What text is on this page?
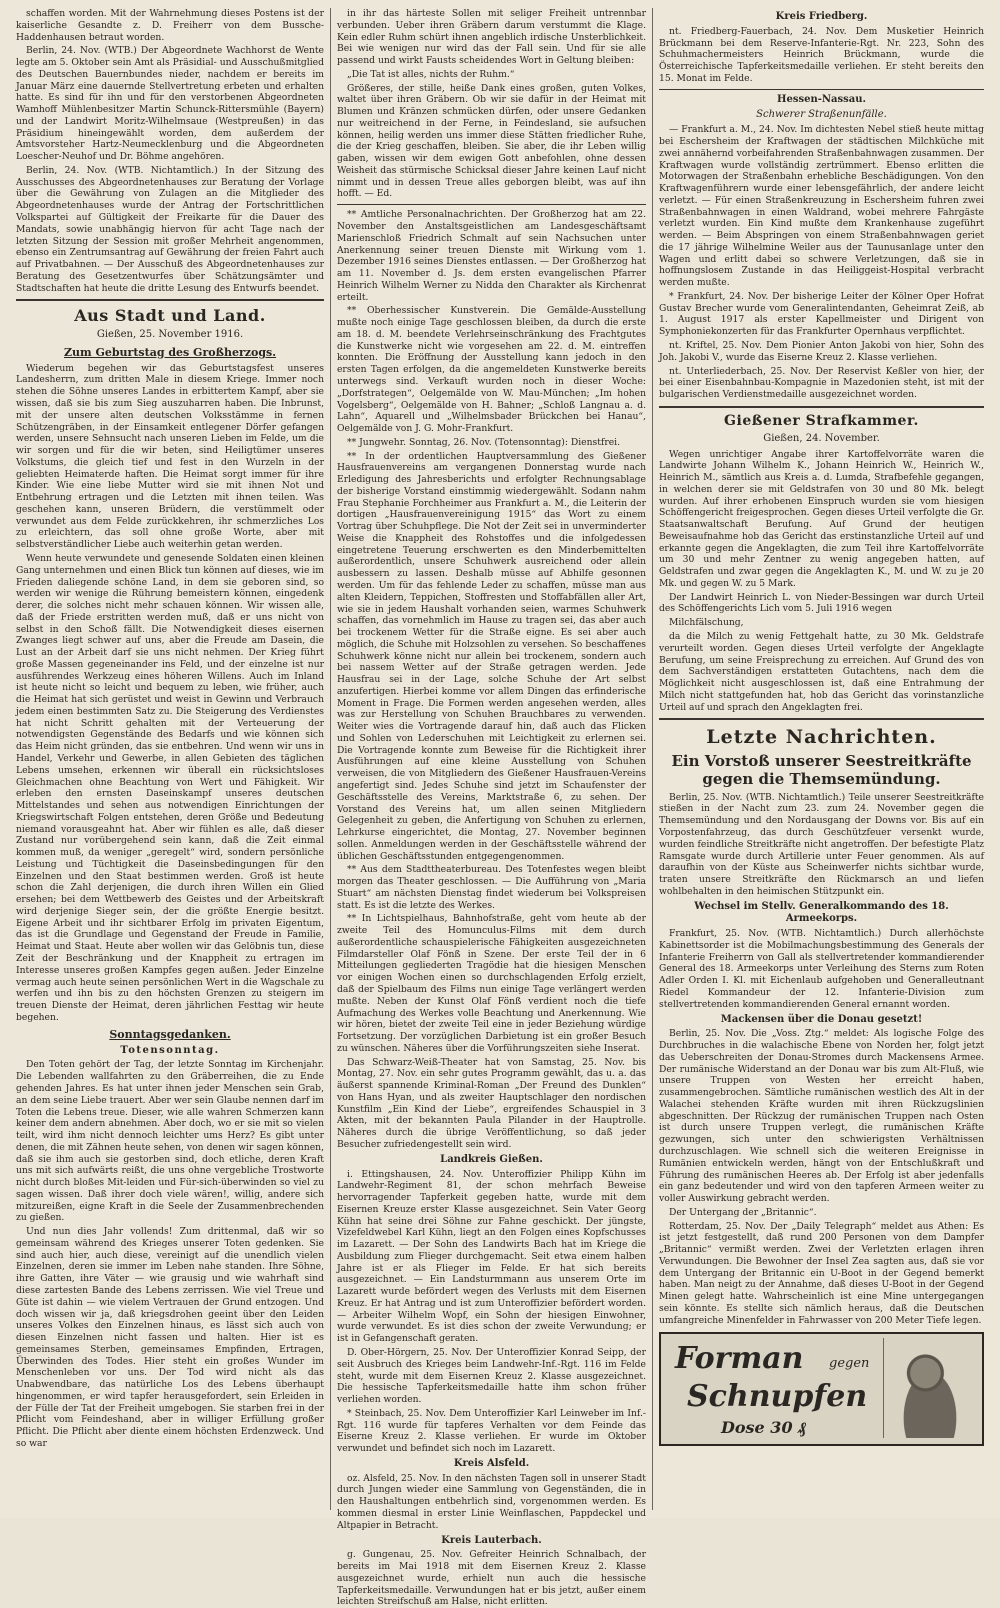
schaffen worden. Mit der Wahrnehmung dieses Postens ist der kaiserliche Gesandte z. D. Freiherr von dem Bussche-Haddenhausen betraut worden.

Berlin, 24. Nov. (WTB.) Der Abgeordnete Wachhorst de Wente legte am 5. Oktober sein Amt als Präsidial- und Ausschußmitglied des Deutschen Bauernbundes nieder, nachdem er bereits im Januar März eine dauernde Stellvertretung erbeten und erhalten hatte. Es sind für ihn und für den verstorbenen Abgeordneten Wamhoff Mühlenbesitzer Martin Schunck-Rittersmühle (Bayern) und der Landwirt Moritz-Wilhelmsaue (Westpreußen) in das Präsidium hineingewählt worden, dem außerdem der Amtsvorsteher Hartz-Neumecklenburg und die Abgeordneten Loescher-Neuhof und Dr. Böhme angehören.

Berlin, 24. Nov. (WTB. Nichtamtlich.) In der Sitzung des Ausschusses des Abgeordnetenhauses zur Beratung der Vorlage über die Gewährung von Zulagen an die Mitglieder des Abgeordnetenhauses wurde der Antrag der Fortschrittlichen Volkspartei auf Gültigkeit der Freikarte für die Dauer des Mandats, sowie unabhängig hiervon für acht Tage nach der letzten Sitzung der Session mit großer Mehrheit angenommen, ebenso ein Zentrumsantrag auf Gewährung der freien Fahrt auch auf Privatbahnen. — Der Ausschuß des Abgeordnetenhauses zur Beratung des Gesetzentwurfes über Schätzungsämter und Stadtschaften hat heute die dritte Lesung des Entwurfs beendet.

Aus Stadt und Land.
Gießen, 25. November 1916.
Zum Geburtstag des Großherzogs.

Wiederum begehen wir das Geburtstagsfest unseres Landesherrn, zum dritten Male in diesem Kriege. Immer noch stehen die Söhne unseres Landes in erbittertem Kampf, aber sie wissen, daß sie bis zum Sieg auszuharren haben. Die Inbrunst, mit der unsere alten deutschen Volksstämme in fernen Schützengräben, in der Einsamkeit entlegener Dörfer gefangen werden, unsere Sehnsucht nach unseren Lieben im Felde, um die wir sorgen und für die wir beten, sind Heiligtümer unseres Volkstums, die gleich tief und fest in den Wurzeln in der geliebten Heimaterde haften. Die Heimat sorgt immer für ihre Kinder. Wie eine liebe Mutter wird sie mit ihnen Not und Entbehrung ertragen und die Letzten mit ihnen teilen. Was geschehen kann, unseren Brüdern, die verstümmelt oder verwundet aus dem Felde zurückkehren, ihr schmerzliches Los zu erleichtern, das soll ohne große Worte, aber mit selbstverständlicher Liebe auch weiterhin getan werden.

Wenn heute verwundete und genesende Soldaten einen kleinen Gang unternehmen und einen Blick tun können auf dieses, wie im Frieden daliegende schöne Land, in dem sie geboren sind, so werden wir wenige die Rührung bemeistern können, eingedenk derer, die solches nicht mehr schauen können. Wir wissen alle, daß der Friede erstritten werden muß, daß er uns nicht von selbst in den Schoß fällt. Die Notwendigkeit dieses eisernen Zwanges liegt schwer auf uns, aber die Freude am Dasein, die Lust an der Arbeit darf sie uns nicht nehmen. Der Krieg führt große Massen gegeneinander ins Feld, und der einzelne ist nur ausführendes Werkzeug eines höheren Willens. Auch im Inland ist heute nicht so leicht und bequem zu leben, wie früher, auch die Heimat hat sich gerüstet und weist in Gewinn und Verbrauch jedem einen bestimmten Satz zu. Die Steigerung des Verdienstes hat nicht Schritt gehalten mit der Verteuerung der notwendigsten Gegenstände des Bedarfs und wie können sich das Heim nicht gründen, das sie entbehren. Und wenn wir uns in Handel, Verkehr und Gewerbe, in allen Gebieten des täglichen Lebens umsehen, erkennen wir überall ein rücksichtsloses Gleichmachen ohne Beachtung von Wert und Fähigkeit. Wir erleben den ernsten Daseinskampf unseres deutschen Mittelstandes und sehen aus notwendigen Einrichtungen der Kriegswirtschaft Folgen entstehen, deren Größe und Bedeutung niemand vorausgeahnt hat. Aber wir fühlen es alle, daß dieser Zustand nur vorübergehend sein kann, daß die Zeit einmal kommen muß, da weniger „geregelt“ wird, sondern persönliche Leistung und Tüchtigkeit die Daseinsbedingungen für den Einzelnen und den Staat bestimmen werden. Groß ist heute schon die Zahl derjenigen, die durch ihren Willen ein Glied ersehen; bei dem Wettbewerb des Geistes und der Arbeitskraft wird derjenige Sieger sein, der die größte Energie besitzt. Eigene Arbeit und ihr sichtbarer Erfolg im privaten Eigentum, das ist die Grundlage und Gegenstand der Freude in Familie, Heimat und Staat. Heute aber wollen wir das Gelöbnis tun, diese Zeit der Beschränkung und der Knappheit zu ertragen im Interesse unseres großen Kampfes gegen außen. Jeder Einzelne vermag auch heute seinen persönlichen Wert in die Wagschale zu werfen und ihn bis zu den höchsten Grenzen zu steigern im treuen Dienste der Heimat, deren jährlichen Festtag wir heute begehen.

Sonntagsgedanken.
Totensonntag.

Den Toten gehört der Tag, der letzte Sonntag im Kirchenjahr. Die Lebenden wallfahrten zu den Gräberreihen, die zu Ende gehenden Jahres. Es hat unter ihnen jeder Menschen sein Grab, an dem seine Liebe trauert. Aber wer sein Glaube nennen darf im Toten die Lebens treue. Dieser, wie alle wahren Schmerzen kann keiner dem andern abnehmen. Aber doch, wo er sie mit so vielen teilt, wird ihm nicht dennoch leichter ums Herz? Es gibt unter denen, die mit Zähnen heute sehen, von denen wir sagen können, daß sie ihm auch sie gestorben sind, doch etliche, deren Kraft uns mit sich aufwärts reißt, die uns ohne vergebliche Trostworte nicht durch bloßes Mit-leiden und Für-sich-überwinden so viel zu sagen wissen. Daß ihrer doch viele wären!, willig, andere sich mitzureißen, eigne Kraft in die Seele der Zusammenbrechenden zu gießen.

Und nun dies Jahr vollends! Zum drittenmal, daß wir so gemeinsam während des Krieges unserer Toten gedenken. Sie sind auch hier, auch diese, vereinigt auf die unendlich vielen Einzelnen, deren sie immer im Leben nahe standen. Ihre Söhne, ihre Gatten, ihre Väter — wie grausig und wie wahrhaft sind diese zartesten Bande des Lebens zerrissen. Wie viel Treue und Güte ist dahin — wie vielem Vertrauen der Grund entzogen. Und doch wissen wir ja, daß kriegsdrohen geeint über den Leiden unseres Volkes den Einzelnen hinaus, es lässt sich auch von diesen Einzelnen nicht fassen und halten. Hier ist es gemeinsames Sterben, gemeinsames Empfinden, Ertragen, Überwinden des Todes. Hier steht ein großes Wunder im Menschenleben vor uns. Der Tod wird nicht als das Unabwendbare, das natürliche Los des Lebens überhaupt hingenommen, er wird tapfer herausgefordert, sein Erleiden in der Fülle der Tat der Freiheit umgebogen. Sie starben frei in der Pflicht vom Feindeshand, aber in williger Erfüllung großer Pflicht. Die Pflicht aber diente einem höchsten Erdenzweck. Und so war

in ihr das härteste Sollen mit seliger Freiheit untrennbar verbunden. Ueber ihren Gräbern darum verstummt die Klage. Kein edler Ruhm schürt ihnen angeblich irdische Unsterblichkeit. Bei wie wenigen nur wird das der Fall sein. Und für sie alle passend und wirkt Fausts scheidendes Wort in Geltung bleiben:

„Die Tat ist alles, nichts der Ruhm.“

Größeres, der stille, heiße Dank eines großen, guten Volkes, waltet über ihren Gräbern. Ob wir sie dafür in der Heimat mit Blumen und Kränzen schmücken dürfen, oder unsere Gedanken nur weitreichend in der Ferne, in Feindesland, sie aufsuchen können, heilig werden uns immer diese Stätten friedlicher Ruhe, die der Krieg geschaffen, bleiben. Sie aber, die ihr Leben willig gaben, wissen wir dem ewigen Gott anbefohlen, ohne dessen Weisheit das stürmische Schicksal dieser Jahre keinen Lauf nicht nimmt und in dessen Treue alles geborgen bleibt, was auf ihn hofft. — Ed.

** Amtliche Personalnachrichten. Der Großherzog hat am 22. November den Anstaltsgeistlichen am Landesgeschäftsamt Marienschloß Friedrich Schmalt auf sein Nachsuchen unter Anerkennung seiner treuen Dienste mit Wirkung vom 1. Dezember 1916 seines Dienstes entlassen. — Der Großherzog hat am 11. November d. Js. dem ersten evangelischen Pfarrer Heinrich Wilhelm Werner zu Nidda den Charakter als Kirchenrat erteilt.

** Oberhessischer Kunstverein. Die Gemälde-Ausstellung mußte noch einige Tage geschlossen bleiben, da durch die erste am 18. d. M. beendete Verlehrseinschränkung des Frachtgutes die Kunstwerke nicht wie vorgesehen am 22. d. M. eintreffen konnten. Die Eröffnung der Ausstellung kann jedoch in den ersten Tagen erfolgen, da die angemeldeten Kunstwerke bereits unterwegs sind. Verkauft wurden noch in dieser Woche: „Dorfstrategen“, Oelgemälde von W. Mau-München; „Im hohen Vogelsberg“, Oelgemälde von H. Bahner; „Schloß Langnau a. d. Lahn“, Aquarell und „Wilhelmsbader Brückchen bei Hanau“, Oelgemälde von J. G. Mohr-Frankfurt.

** Jungwehr. Sonntag, 26. Nov. (Totensonntag): Dienstfrei.

** In der ordentlichen Hauptversammlung des Gießener Hausfrauenvereins am vergangenen Donnerstag wurde nach Erledigung des Jahresberichts und erfolgter Rechnungsablage der bisherige Vorstand einstimmig wiedergewählt. Sodann nahm Frau Stephanie Forchheimer aus Frankfurt a. M., die Leiterin der dortigen „Hausfrauenvereinigung 1915“ das Wort zu einem Vortrag über Schuhpflege. Die Not der Zeit sei in unverminderter Weise die Knappheit des Rohstoffes und die infolgedessen eingetretene Teuerung erschwerten es den Minderbemittelten außerordentlich, unsere Schuhwerk ausreichend oder allein ausbessern zu lassen. Deshalb müsse auf Abhilfe gesonnen werden. Um für das fehlende Leder zu schaffen, müsse man aus alten Kleidern, Teppichen, Stoffresten und Stoffabfällen aller Art, wie sie in jedem Haushalt vorhanden seien, warmes Schuhwerk schaffen, das vornehmlich im Hause zu tragen sei, das aber auch bei trockenem Wetter für die Straße eigne. Es sei aber auch möglich, die Schuhe mit Holzsohlen zu versehen. So beschaffenes Schuhwerk könne nicht nur allein bei trockenem, sondern auch bei nassem Wetter auf der Straße getragen werden. Jede Hausfrau sei in der Lage, solche Schuhe der Art selbst anzufertigen. Hierbei komme vor allem Dingen das erfinderische Moment in Frage. Die Formen werden angesehen werden, alles was zur Herstellung von Schuhen Brauchbares zu verwenden. Weiter wies die Vortragende darauf hin, daß auch das Flicken und Sohlen von Lederschuhen mit Leichtigkeit zu erlernen sei. Die Vortragende konnte zum Beweise für die Richtigkeit ihrer Ausführungen auf eine kleine Ausstellung von Schuhen verweisen, die von Mitgliedern des Gießener Hausfrauen-Vereins angefertigt sind. Jedes Schuhe sind jetzt im Schaufenster der Geschäftsstelle des Vereins, Marktstraße 6, zu sehen. Der Vorstand des Vereins hat, um allen seinen Mitgliedern Gelegenheit zu geben, die Anfertigung von Schuhen zu erlernen, Lehrkurse eingerichtet, die Montag, 27. November beginnen sollen. Anmeldungen werden in der Geschäftsstelle während der üblichen Geschäftsstunden entgegengenommen.

** Aus dem Stadttheaterbureau. Des Totenfestes wegen bleibt morgen das Theater geschlossen. — Die Aufführung von „Maria Stuart“ am nächsten Dienstag findet wiederum bei Volkspreisen statt. Es ist die letzte des Werkes.

** In Lichtspielhaus, Bahnhofstraße, geht vom heute ab der zweite Teil des Homunculus-Films mit dem durch außerordentliche schauspielerische Fähigkeiten ausgezeichneten Filmdarsteller Olaf Fönß in Szene. Der erste Teil der in 6 Mitteilungen gegliederten Tragödie hat die hiesigen Menschen vor einigen Wochen einen so durchschlagenden Erfolg erzielt, daß der Spielbaum des Films nun einige Tage verlängert werden mußte. Neben der Kunst Olaf Fönß verdient noch die tiefe Aufmachung des Werkes volle Beachtung und Anerkennung. Wie wir hören, bietet der zweite Teil eine in jeder Beziehung würdige Fortsetzung. Der vorzüglichen Darbietung ist ein großer Besuch zu wünschen. Näheres über die Vorführungszeiten siehe Inserat.

Das Schwarz-Weiß-Theater hat von Samstag, 25. Nov. bis Montag, 27. Nov. ein sehr gutes Programm gewählt, das u. a. das äußerst spannende Kriminal-Roman „Der Freund des Dunklen“ von Hans Hyan, und als zweiter Hauptschlager den nordischen Kunstfilm „Ein Kind der Liebe“, ergreifendes Schauspiel in 3 Akten, mit der bekannten Paula Pilander in der Hauptrolle. Näheres durch die übrige Veröffentlichung, so daß jeder Besucher zufriedengestellt sein wird.

Landkreis Gießen.

i. Ettingshausen, 24. Nov. Unteroffizier Philipp Kühn im Landwehr-Regiment 81, der schon mehrfach Beweise hervorragender Tapferkeit gegeben hatte, wurde mit dem Eisernen Kreuze erster Klasse ausgezeichnet. Sein Vater Georg Kühn hat seine drei Söhne zur Fahne geschickt. Der jüngste, Vizefeldwebel Karl Kühn, liegt an den Folgen eines Kopfschusses im Lazarett. — Der Sohn des Landwirts Bach hat im Kriege die Ausbildung zum Flieger durchgemacht. Seit etwa einem halben Jahre ist er als Flieger im Felde. Er hat sich bereits ausgezeichnet. — Ein Landsturmmann aus unserem Orte im Lazarett wurde befördert wegen des Verlusts mit dem Eisernen Kreuz. Er hat Antrag und ist zum Unteroffizier befördert worden. — Arbeiter Wilhelm Wopf, ein Sohn der hiesigen Einwohner, wurde verwundet. Es ist dies schon der zweite Verwundung; er ist in Gefangenschaft geraten.

D. Ober-Hörgern, 25. Nov. Der Unteroffizier Konrad Seipp, der seit Ausbruch des Krieges beim Landwehr-Inf.-Rgt. 116 im Felde steht, wurde mit dem Eisernen Kreuz 2. Klasse ausgezeichnet. Die hessische Tapferkeitsmedaille hatte ihm schon früher verliehen worden.

* Steinbach, 25. Nov. Dem Unteroffizier Karl Leinweber im Inf.-Rgt. 116 wurde für tapferes Verhalten vor dem Feinde das Eiserne Kreuz 2. Klasse verliehen. Er wurde im Oktober verwundet und befindet sich noch im Lazarett.

Kreis Alsfeld.

oz. Alsfeld, 25. Nov. In den nächsten Tagen soll in unserer Stadt durch Jungen wieder eine Sammlung von Gegenständen, die in den Haushaltungen entbehrlich sind, vorgenommen werden. Es kommen diesmal in erster Linie Weinflaschen, Pappdeckel und Altpapier in Betracht.

Kreis Lauterbach.

g. Gungenau, 25. Nov. Gefreiter Heinrich Schnalbach, der bereits im Mai 1918 mit dem Eisernen Kreuz 2. Klasse ausgezeichnet wurde, erhielt nun auch die hessische Tapferkeitsmedaille. Verwundungen hat er bis jetzt, außer einem leichten Streifschuß am Halse, nicht erlitten.

Kreis Friedberg.

nt. Friedberg-Fauerbach, 24. Nov. Dem Musketier Heinrich Brückmann bei dem Reserve-Infanterie-Rgt. Nr. 223, Sohn des Schuhmachermeisters Heinrich Brückmann, wurde die Österreichische Tapferkeitsmedaille verliehen. Er steht bereits den 15. Monat im Felde.

Hessen-Nassau.
Schwerer Straßenunfälle.

— Frankfurt a. M., 24. Nov. Im dichtesten Nebel stieß heute mittag bei Eschersheim der Kraftwagen der städtischen Milchküche mit zwei annähernd vorbeifahrenden Straßenbahnwagen zusammen. Der Kraftwagen wurde vollständig zertrümmert. Ebenso erlitten die Motorwagen der Straßenbahn erhebliche Beschädigungen. Von den Kraftwagenführern wurde einer lebensgefährlich, der andere leicht verletzt. — Für einen Straßenkreuzung in Eschersheim fuhren zwei Straßenbahnwagen in einen Waldrand, wobei mehrere Fahrgäste verletzt wurden. Ein Kind mußte dem Krankenhause zugeführt werden. — Beim Abspringen von einem Straßenbahnwagen geriet die 17 jährige Wilhelmine Weiler aus der Taunusanlage unter den Wagen und erlitt dabei so schwere Verletzungen, daß sie in hoffnungslosem Zustande in das Heiliggeist-Hospital verbracht werden mußte.

* Frankfurt, 24. Nov. Der bisherige Leiter der Kölner Oper Hofrat Gustav Brecher wurde vom Generalintendanten, Geheimrat Zeiß, ab 1. August 1917 als erster Kapellmeister und Dirigent von Symphoniekonzerten für das Frankfurter Opernhaus verpflichtet.

nt. Kriftel, 25. Nov. Dem Pionier Anton Jakobi von hier, Sohn des Joh. Jakobi V., wurde das Eiserne Kreuz 2. Klasse verliehen.

nt. Unterliederbach, 25. Nov. Der Reservist Keßler von hier, der bei einer Eisenbahnbau-Kompagnie in Mazedonien steht, ist mit der bulgarischen Verdienstmedaille ausgezeichnet worden.

Gießener Strafkammer.
Gießen, 24. November.

Wegen unrichtiger Angabe ihrer Kartoffelvorräte waren die Landwirte Johann Wilhelm K., Johann Heinrich W., Heinrich W., Heinrich M., sämtlich aus Kreis a. d. Lumda, Strafbefehle gegangen, in welchen derer sie mit Geldstrafen von 30 und 80 Mk. belegt wurden. Auf ihrer erhobenen Einspruch wurden sie vom hiesigen Schöffengericht freigesprochen. Gegen dieses Urteil verfolgte die Gr. Staatsanwaltschaft Berufung. Auf Grund der heutigen Beweisaufnahme hob das Gericht das erstinstanzliche Urteil auf und erkannte gegen die Angeklagten, die zum Teil ihre Kartoffelvorräte um 30 und mehr Zentner zu wenig angegeben hatten, auf Geldstrafen und zwar gegen die Angeklagten K., M. und W. zu je 20 Mk. und gegen W. zu 5 Mark.

Der Landwirt Heinrich L. von Nieder-Bessingen war durch Urteil des Schöffengerichts Lich vom 5. Juli 1916 wegen

Milchfälschung,

da die Milch zu wenig Fettgehalt hatte, zu 30 Mk. Geldstrafe verurteilt worden. Gegen dieses Urteil verfolgte der Angeklagte Berufung, um seine Freisprechung zu erreichen. Auf Grund des von dem Sachverständigen erstatteten Gutachtens, nach dem die Möglichkeit nicht ausgeschlossen ist, daß eine Entrahmung der Milch nicht stattgefunden hat, hob das Gericht das vorinstanzliche Urteil auf und sprach den Angeklagten frei.

Letzte Nachrichten.
Ein Vorstoß unserer Seestreitkräfte gegen die Themsemündung.

Berlin, 25. Nov. (WTB. Nichtamtlich.) Teile unserer Seestreitkräfte stießen in der Nacht zum 23. zum 24. November gegen die Themsemündung und den Nordausgang der Downs vor. Bis auf ein Vorpostenfahrzeug, das durch Geschützfeuer versenkt wurde, wurden feindliche Streitkräfte nicht angetroffen. Der befestigte Platz Ramsgate wurde durch Artillerie unter Feuer genommen. Als auf daraufhin von der Küste aus Scheinwerfer nichts sichtbar wurde, traten unsere Streitkräfte den Rückmarsch an und liefen wohlbehalten in den heimischen Stützpunkt ein.

Wechsel im Stellv. Generalkommando des 18. Armeekorps.

Frankfurt, 25. Nov. (WTB. Nichtamtlich.) Durch allerhöchste Kabinettsorder ist die Mobilmachungsbestimmung des Generals der Infanterie Freiherrn von Gall als stellvertretender kommandierender General des 18. Armeekorps unter Verleihung des Sterns zum Roten Adler Orden I. Kl. mit Eichenlaub aufgehoben und Generalleutnant Riedel Kommandeur der 12. Infanterie-Division zum stellvertretenden kommandierenden General ernannt worden.

Mackensen über die Donau gesetzt!

Berlin, 25. Nov. Die „Voss. Ztg.“ meldet: Als logische Folge des Durchbruches in die walachische Ebene von Norden her, folgt jetzt das Ueberschreiten der Donau-Stromes durch Mackensens Armee. Der rumänische Widerstand an der Donau war bis zum Alt-Fluß, wie unsere Truppen von Westen her erreicht haben, zusammengebrochen. Sämtliche rumänischen westlich des Alt in der Walachei stehenden Kräfte wurden mit ihren Rückzugslinien abgeschnitten. Der Rückzug der rumänischen Truppen nach Osten ist durch unsere Truppen verlegt, die rumänischen Kräfte gezwungen, sich unter den schwierigsten Verhältnissen durchzuschlagen. Wie schnell sich die weiteren Ereignisse in Rumänien entwickeln werden, hängt von der Entschlußkraft und Führung des rumänischen Heeres ab. Der Erfolg ist aber jedenfalls ein ganz bedeutender und wird von den tapferen Armeen weiter zu voller Auswirkung gebracht werden.

Der Untergang der „Britannic“.

Rotterdam, 25. Nov. Der „Daily Telegraph“ meldet aus Athen: Es ist jetzt festgestellt, daß rund 200 Personen von dem Dampfer „Britannic“ vermißt werden. Zwei der Verletzten erlagen ihren Verwundungen. Die Bewohner der Insel Zea sagten aus, daß sie vor dem Untergang der Britannic ein U-Boot in der Gegend bemerkt haben. Man neigt zu der Annahme, daß dieses U-Boot in der Gegend Minen gelegt hatte. Wahrscheinlich ist eine Mine untergegangen sein könnte. Es stellte sich nämlich heraus, daß die Deutschen umfangreiche Minenfelder in Fahrwasser von 200 Meter Tiefe legen.

Forman gegen
Schnupfen
Dose 30 ₰
